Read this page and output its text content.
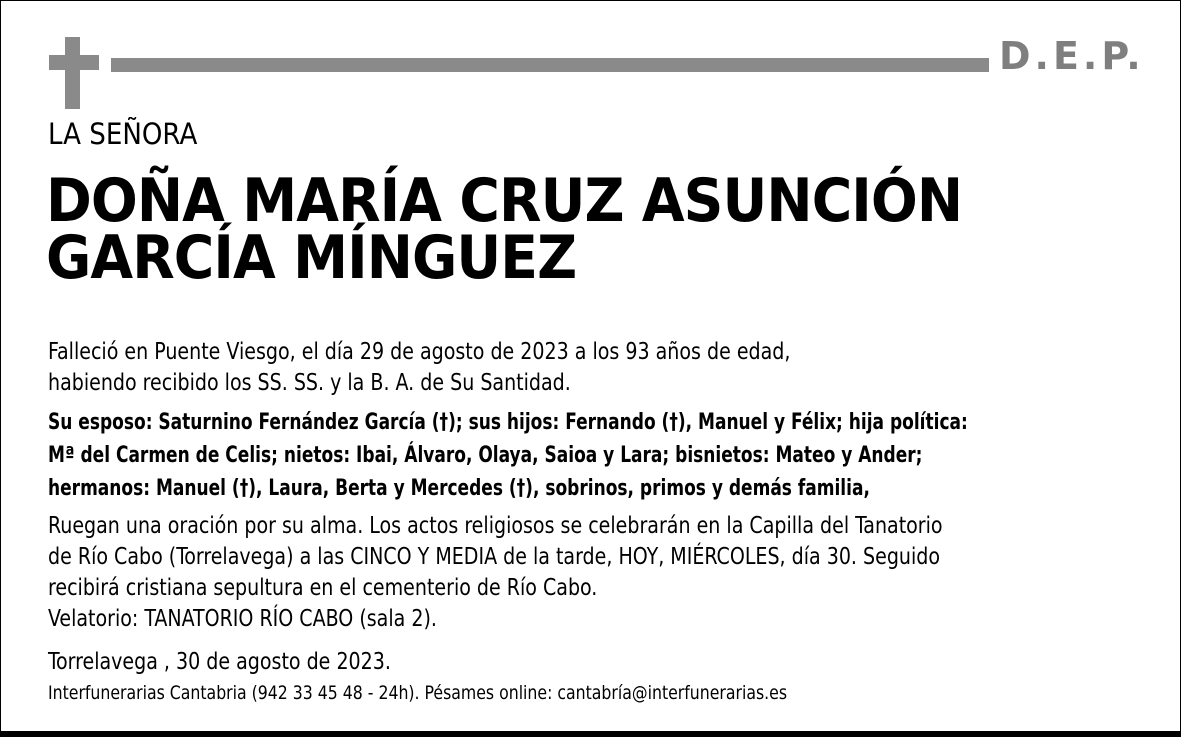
D.E.P.
LA SEÑORA
DOÑA MARÍA CRUZ ASUNCIÓN
GARCÍA MÍNGUEZ

Falleció en Puente Viesgo, el día 29 de agosto de 2023 a los 93 años de edad,
habiendo recibido los SS. SS. y la B. A. de Su Santidad.

Su esposo: Saturnino Fernández García (†); sus hijos: Fernando (†), Manuel y Félix; hija política:
Mª del Carmen de Celis; nietos: Ibai, Álvaro, Olaya, Saioa y Lara; bisnietos: Mateo y Ander;
hermanos: Manuel (†), Laura, Berta y Mercedes (†), sobrinos, primos y demás familia,

Ruegan una oración por su alma. Los actos religiosos se celebrarán en la Capilla del Tanatorio
de Río Cabo (Torrelavega) a las CINCO Y MEDIA de la tarde, HOY, MIÉRCOLES, día 30. Seguido
recibirá cristiana sepultura en el cementerio de Río Cabo.

Velatorio: TANATORIO RÍO CABO (sala 2).

Torrelavega , 30 de agosto de 2023.

Interfunerarias Cantabria (942 33 45 48 - 24h). Pésames online: cantabría@interfunerarias.es
